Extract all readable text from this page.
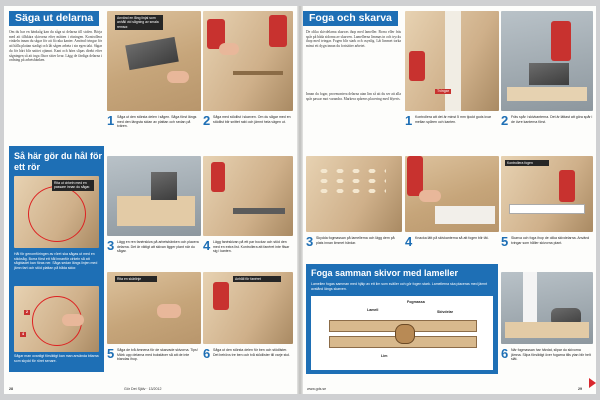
Säga ut delarna
Om du har en bänksåg kan du såga ut delarna till stolen. Börja med att tillskära skivorna efter måtten i ritningen. Kontrollera vinkeln innan du sågar för att få raka kanter. Använd tvingar för att hålla plattan stadigt och låt sågen arbeta i sin egen takt. Sågar du för hårt blir snittet ojämnt. Kant och hörn slipas direkt efter sågningen så att inga flisor sitter kvar. Lägg de färdiga delarna i ordning på arbetsbänken.
Använd en lång linjal som anhåll vid sågning av smala remsor.
1 Såga ut den största delen i sågen. Såga först längs med den längsta sidan av plattan och sedan på tvären.	2 Såga med stödlist i skarven. Om du sågar med en stödlist blir snittet rakt och jämnt hela vägen ut.
Så här gör du hål för ett rör
Rita ut cirkeln med en passare innan du sågar.
Hål för genomföringen av röret ska sågas ut med en sticksåg. Borra först ett hål innanför cirkeln så att sågbladet kan föras ner. Såga sedan längs linjen med jämn fart och stöd plattan på båda sidor.
2
4
Sågar man ovanligt försiktigt kan man använda bitarna som skydd för röret senare.
3 Lägg en ren fanérskiva på arbetsbänken och placera delarna. Det är viktigt att skivan ligger plant när du sågar.	4 Lägg fanéskivan på ett par bockar och stöd den med en extra list. Kontrollera att fanéret inte flisar sig i kanten.
Rita en skärlinje	Anhåll för fanéret
5 Såga de två ämnena för de skarvade skivorna. Tips! Märk upp delarna med bokstäver så att de inte blandas ihop.	6 Såga ut den största delen för ben och stödlister. Det behövs tre ben och två stödlister till varje stol.
28	Gör Det Själv · 13/2012
Foga och skarva
De olika skivdelarna skarvas ihop med lameller. Borra eller fräs spår på båda sidorna av skarven. Lamellerna limmas in och trycks ihop med tvingar. Fogen blir stark och osynlig. Låt limmet torka minst ett dygn innan du fortsätter arbetet.
Innan du fogar, provmontera delarna utan lim så att du ser att alla spår passar mot varandra. Markera spårens placering med blyerts.
Tvingar
1 Kontrollera att det är minst 5 mm tjockt gods kvar mellan spåren och kanten.	2 Fräs spår i skivkanterna. Det är lättast att göra spår i de övre kanterna först.
Kontrollera fogen
3 Skydda fogmassan på lamellerna och lägg dem på plats innan limmet härdar.	4 Knacka lätt på skivkanterna så att fogen blir tät. 5 Skarva och foga ihop de olika skivdelarna. Använd tvingar som håller skivorna plant.
Foga samman skivor med lameller
Lamellen fogas samman med hjälp av ett lim som sväller och gör fogen stark. Lamellerna ska placeras med jämnt avstånd längs skarven.
Lamell
Fogmassa
Skivdelar
Lim	6 När fogmassan har härdat, slipar du skivorna jämna. Slipa försiktigt över fogarna tills ytan blir helt slät.
www.gds.se	29
